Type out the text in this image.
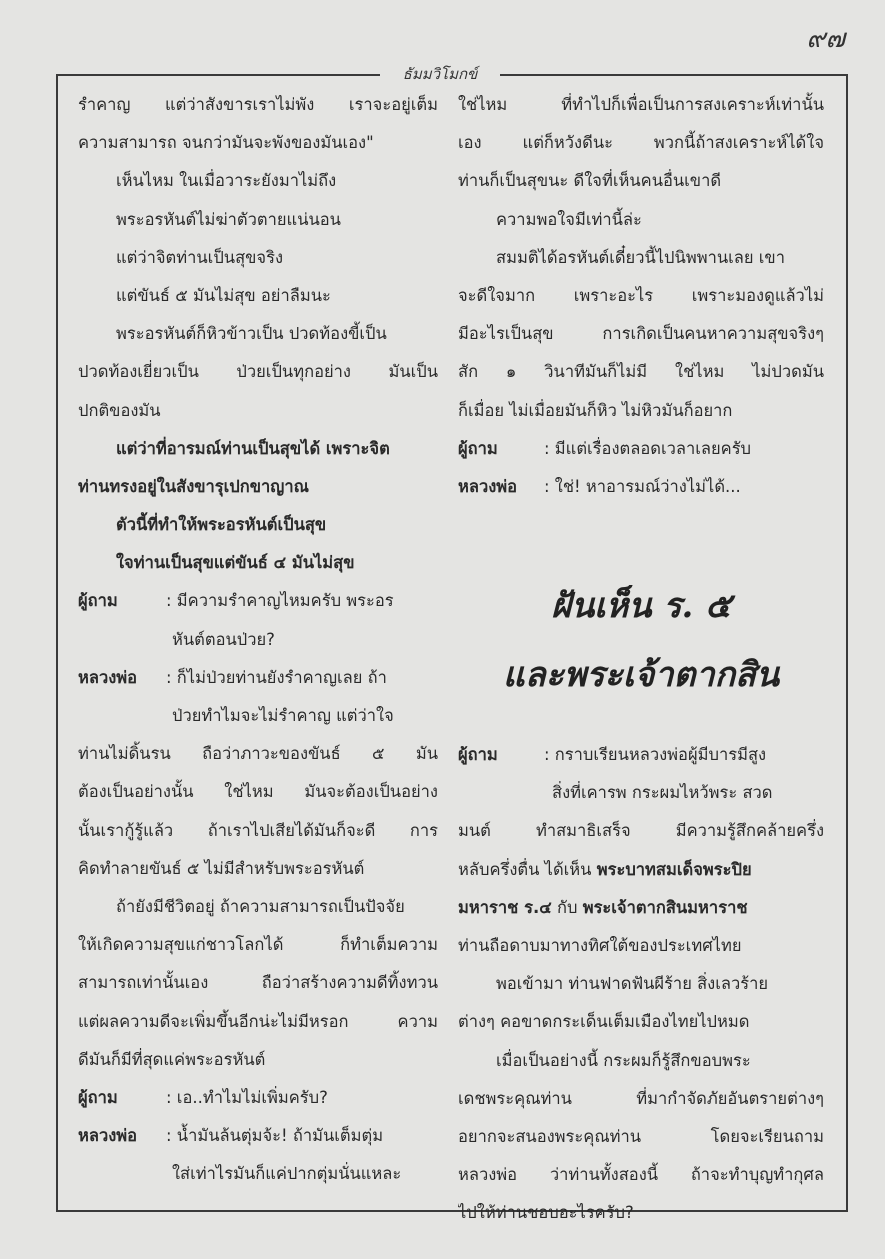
๙๗
ธัมมวิโมกข์
รำคาญ แต่ว่าสังขารเราไม่พัง เราจะอยู่เต็ม
ความสามารถ จนกว่ามันจะพังของมันเอง"
เห็นไหม ในเมื่อวาระยังมาไม่ถึง
พระอรหันต์ไม่ฆ่าตัวตายแน่นอน
แต่ว่าจิตท่านเป็นสุขจริง
แต่ขันธ์ ๕ มันไม่สุข อย่าลืมนะ
พระอรหันต์ก็หิวข้าวเป็น ปวดท้องขี้เป็น
ปวดท้องเยี่ยวเป็น ป่วยเป็นทุกอย่าง มันเป็น
ปกติของมัน
แต่ว่าที่อารมณ์ท่านเป็นสุขได้ เพราะจิต
ท่านทรงอยู่ในสังขารุเปกขาญาณ
ตัวนี้ที่ทำให้พระอรหันต์เป็นสุข
ใจท่านเป็นสุขแต่ขันธ์ ๔ มันไม่สุข
ผู้ถาม	: มีความรำคาญไหมครับ พระอร
หันต์ตอนป่วย?
หลวงพ่อ : ก็ไม่ป่วยท่านยังรำคาญเลย ถ้า
ป่วยทำไมจะไม่รำคาญ แต่ว่าใจ
ท่านไม่ดิ้นรน ถือว่าภาวะของขันธ์ ๕ มัน
ต้องเป็นอย่างนั้น ใช่ไหม มันจะต้องเป็นอย่าง
นั้นเรากู้รู้แล้ว ถ้าเราไปเสียได้มันก็จะดี การ
คิดทำลายขันธ์ ๕ ไม่มีสำหรับพระอรหันต์
ถ้ายังมีชีวิตอยู่ ถ้าความสามารถเป็นปัจจัย
ให้เกิดความสุขแก่ชาวโลกได้ ก็ทำเต็มความ
สามารถเท่านั้นเอง ถือว่าสร้างความดีทิ้งทวน
แต่ผลความดีจะเพิ่มขึ้นอีกน่ะไม่มีหรอก ความ
ดีมันก็มีที่สุดแค่พระอรหันต์
ผู้ถาม	: เอ..ทำไมไม่เพิ่มครับ?
หลวงพ่อ : น้ำมันล้นตุ่มจ้ะ! ถ้ามันเต็มตุ่ม
ใส่เท่าไรมันก็แค่ปากตุ่มนั่นแหละ
ใช่ไหม ที่ทำไปก็เพื่อเป็นการสงเคราะห์เท่านั้น
เอง แต่ก็หวังดีนะ พวกนี้ถ้าสงเคราะห์ได้ใจ
ท่านก็เป็นสุขนะ ดีใจที่เห็นคนอื่นเขาดี
ความพอใจมีเท่านี้ล่ะ
สมมติได้อรหันต์เดี๋ยวนี้ไปนิพพานเลย เขา
จะดีใจมาก เพราะอะไร เพราะมองดูแล้วไม่
มีอะไรเป็นสุข การเกิดเป็นคนหาความสุขจริงๆ
สัก ๑ วินาทีมันก็ไม่มี ใช่ไหม ไม่ปวดมัน
ก็เมื่อย ไม่เมื่อยมันก็หิว ไม่หิวมันก็อยาก
ผู้ถาม	: มีแต่เรื่องตลอดเวลาเลยครับ
หลวงพ่อ : ใช่! หาอารมณ์ว่างไม่ได้...
ฝันเห็น ร. ๕
และพระเจ้าตากสิน
ผู้ถาม	: กราบเรียนหลวงพ่อผู้มีบารมีสูง
สิ่งที่เคารพ กระผมไหว้พระ สวด
มนต์ ทำสมาธิเสร็จ มีความรู้สึกคล้ายครึ่ง
หลับครึ่งตื่น ได้เห็น พระบาทสมเด็จพระปิย
มหาราช ร.๔ กับ พระเจ้าตากสินมหาราช
ท่านถือดาบมาทางทิศใต้ของประเทศไทย
พอเข้ามา ท่านฟาดฟันผีร้าย สิ่งเลวร้าย
ต่างๆ คอขาดกระเด็นเต็มเมืองไทยไปหมด
เมื่อเป็นอย่างนี้ กระผมก็รู้สึกขอบพระ
เดชพระคุณท่าน ที่มากำจัดภัยอันตรายต่างๆ
อยากจะสนองพระคุณท่าน โดยจะเรียนถาม
หลวงพ่อ ว่าท่านทั้งสองนี้ ถ้าจะทำบุญทำกุศล
ไปให้ท่านชอบอะไรครับ?
